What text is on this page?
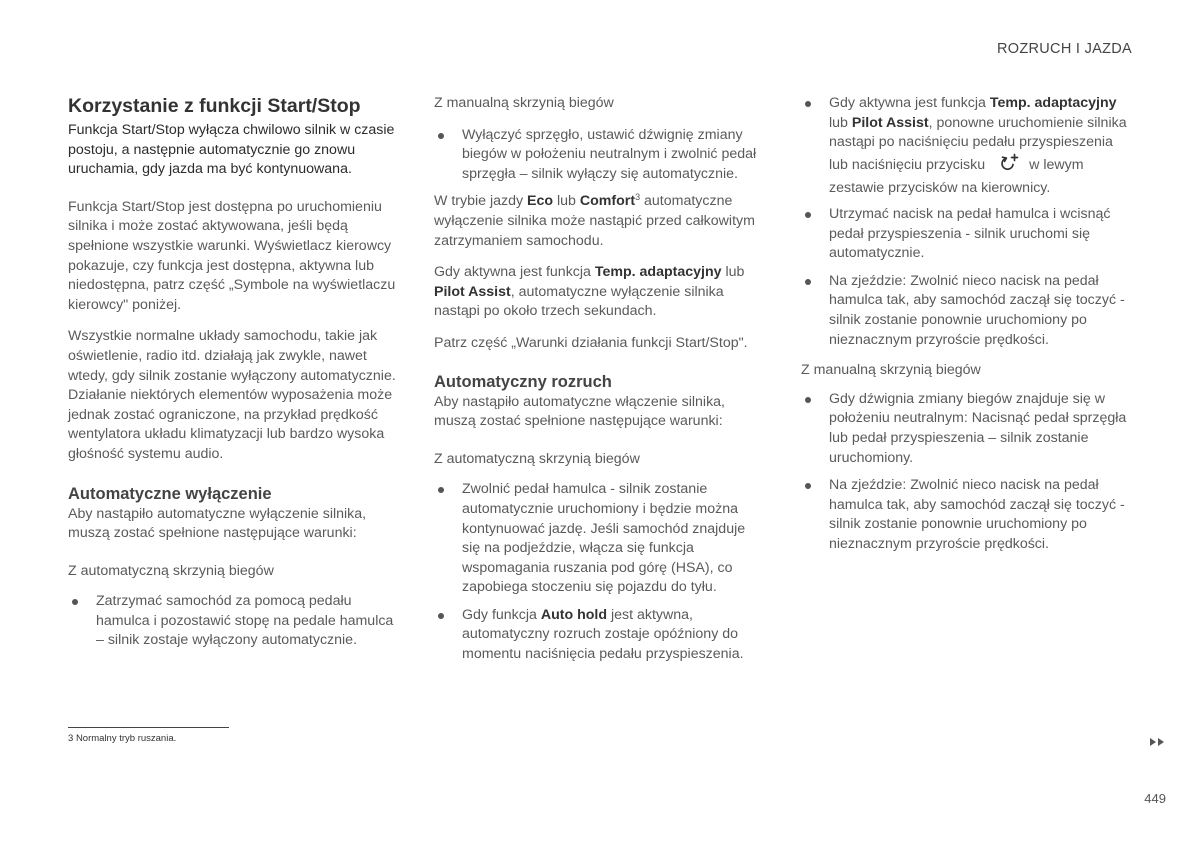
ROZRUCH I JAZDA
Korzystanie z funkcji Start/Stop

Funkcja Start/Stop wyłącza chwilowo silnik w czasie postoju, a następnie automatycznie go znowu uruchamia, gdy jazda ma być kontynuowana.

Funkcja Start/Stop jest dostępna po uruchomieniu silnika i może zostać aktywowana, jeśli będą spełnione wszystkie warunki. Wyświetlacz kierowcy pokazuje, czy funkcja jest dostępna, aktywna lub niedostępna, patrz część „Symbole na wyświetlaczu kierowcy" poniżej.

Wszystkie normalne układy samochodu, takie jak oświetlenie, radio itd. działają jak zwykle, nawet wtedy, gdy silnik zostanie wyłączony automatycznie. Działanie niektórych elementów wyposażenia może jednak zostać ograniczone, na przykład prędkość wentylatora układu klimatyzacji lub bardzo wysoka głośność systemu audio.

Automatyczne wyłączenie

Aby nastąpiło automatyczne wyłączenie silnika, muszą zostać spełnione następujące warunki:

Z automatyczną skrzynią biegów

Zatrzymać samochód za pomocą pedału hamulca i pozostawić stopę na pedale hamulca – silnik zostaje wyłączony automatycznie.

Z manualną skrzynią biegów

Wyłączyć sprzęgło, ustawić dźwignię zmiany biegów w położeniu neutralnym i zwolnić pedał sprzęgła – silnik wyłączy się automatycznie.

W trybie jazdy Eco lub Comfort$^3$ automatyczne wyłączenie silnika może nastąpić przed całkowitym zatrzymaniem samochodu.

Gdy aktywna jest funkcja Temp. adaptacyjny lub Pilot Assist, automatyczne wyłączenie silnika nastąpi po około trzech sekundach.

Patrz część „Warunki działania funkcji Start/Stop".

Automatyczny rozruch

Aby nastąpiło automatyczne włączenie silnika, muszą zostać spełnione następujące warunki:

Z automatyczną skrzynią biegów

Zwolnić pedał hamulca - silnik zostanie automatycznie uruchomiony i będzie można kontynuować jazdę. Jeśli samochód znajduje się na podjeździe, włącza się funkcja wspomagania ruszania pod górę (HSA), co zapobiega stoczeniu się pojazdu do tyłu.

Gdy funkcja Auto hold jest aktywna, automatyczny rozruch zostaje opóźniony do momentu naciśnięcia pedału przyspieszenia.

Gdy aktywna jest funkcja Temp. adaptacyjny lub Pilot Assist, ponowne uruchomienie silnika nastąpi po naciśnięciu pedału przyspieszenia lub naciśnięciu przycisku	w lewym zestawie przycisków na kierownicy.

Utrzymać nacisk na pedał hamulca i wcisnąć pedał przyspieszenia - silnik uruchomi się automatycznie.

Na zjeździe: Zwolnić nieco nacisk na pedał hamulca tak, aby samochód zaczął się toczyć - silnik zostanie ponownie uruchomiony po nieznacznym przyroście prędkości.

Z manualną skrzynią biegów

Gdy dźwignia zmiany biegów znajduje się w położeniu neutralnym: Nacisnąć pedał sprzęgła lub pedał przyspieszenia – silnik zostanie uruchomiony.

Na zjeździe: Zwolnić nieco nacisk na pedał hamulca tak, aby samochód zaczął się toczyć - silnik zostanie ponownie uruchomiony po nieznacznym przyroście prędkości.

3 Normalny tryb ruszania.
449
